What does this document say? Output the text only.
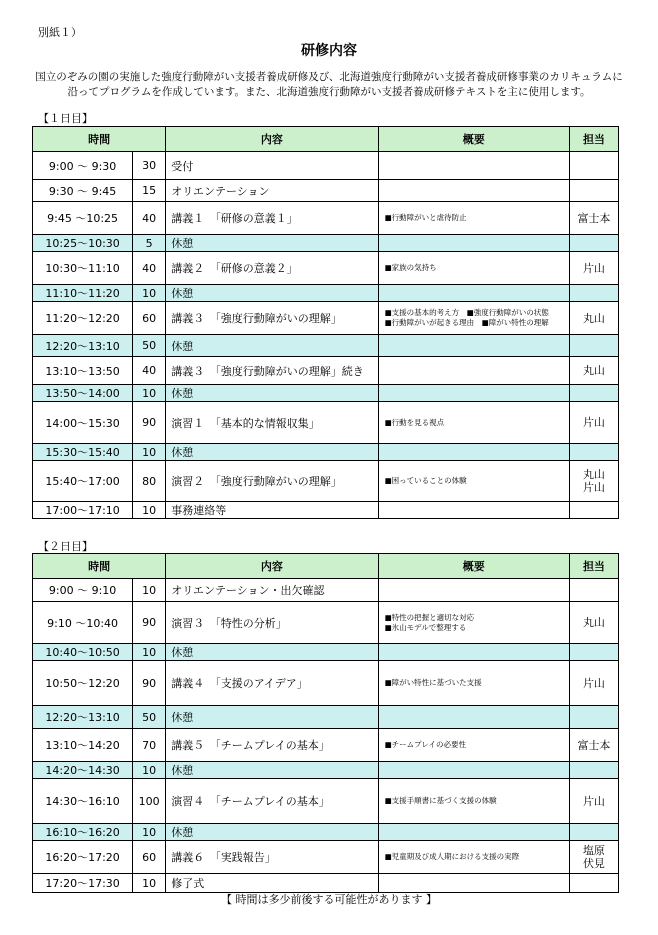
別紙１）
研修内容
国立のぞみの園の実施した強度行動障がい支援者養成研修及び、北海道強度行動障がい支援者養成研修事業のカリキュラムに
沿ってプログラムを作成しています。また、北海道強度行動障がい支援者養成研修テキストを主に使用します。
【１日目】
時間		内容	概要	担当
9:00 ～ 9:30	30	受付		
9:30 ～ 9:45	15	オリエンテーション		
9:45 ～10:25	40	講義１　「研修の意義１」	■行動障がいと虐待防止	富士本

10:25～10:30	5	休憩		
10:30～11:10	40	講義２　「研修の意義２」	■家族の気持ち	片山

11:10～11:20	10	休憩		
11:20～12:20	60	講義３　「強度行動障がいの理解」	■支援の基本的考え方　■強度行動障がいの状態
■行動障がいが起きる理由　■障がい特性の理解	丸山

12:20～13:10	50	休憩		
13:10～13:50	40	講義３　「強度行動障がいの理解」続き		丸山

13:50～14:00	10	休憩		
14:00～15:30	90	演習１　「基本的な情報収集」	■行動を見る視点	片山

15:30～15:40	10	休憩		
15:40～17:00	80	演習２　「強度行動障がいの理解」	■困っていることの体験	丸山
片山

17:00～17:10	10	事務連絡等		
【２日目】
時間		内容	概要	担当
9:00 ～ 9:10	10	オリエンテーション・出欠確認		
9:10 ～10:40	90	演習３　「特性の分析」	■特性の把握と適切な対応
■氷山モデルで整理する	丸山

10:40～10:50	10	休憩		
10:50～12:20	90	講義４　「支援のアイデア」	■障がい特性に基づいた支援	片山

12:20～13:10	50	休憩		
13:10～14:20	70	講義５　「チームプレイの基本」	■チームプレイの必要性	富士本

14:20～14:30	10	休憩		
14:30～16:10	100	演習４　「チームプレイの基本」	■支援手順書に基づく支援の体験	片山

16:10～16:20	10	休憩		
16:20～17:20	60	講義６　「実践報告」	■児童期及び成人期における支援の実際	塩原
伏見

17:20～17:30	10	修了式		
【 時間は多少前後する可能性があります 】
